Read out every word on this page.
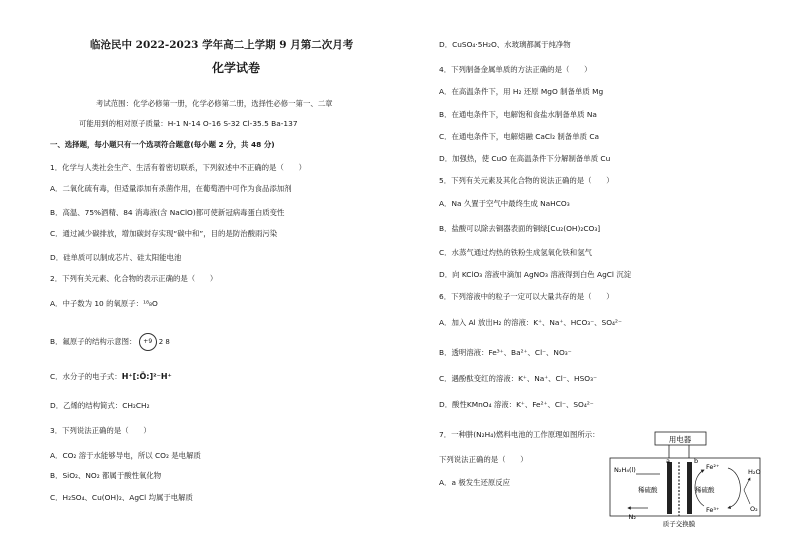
临沧民中 2022-2023 学年高二上学期 9 月第二次月考
化学试卷
考试范围：化学必修第一册，化学必修第二册，选择性必修一第一、二章
可能用到的相对原子质量：H-1 N-14 O-16 S-32 Cl-35.5 Ba-137
一、选择题，每小题只有一个选项符合题意(每小题 2 分，共 48 分)
1．化学与人类社会生产、生活有着密切联系，下列叙述中不正确的是（　　）
A．二氧化硫有毒，但适量添加有杀菌作用，在葡萄酒中可作为食品添加剂
B．高温、75%酒精、84 消毒液(含 NaClO)都可使新冠病毒蛋白质变性
C．通过减少碳排放，增加碳封存实现“碳中和”，目的是防治酸雨污染
D．硅单质可以制成芯片、硅太阳能电池
2．下列有关元素、化合物的表示正确的是（　　）
A．中子数为 10 的氧原子：¹⁸₈O
B．氟原子的结构示意图： +9 2 8
C．水分子的电子式：H⁺[:Ö:]²⁻H⁺
D．乙烯的结构简式：CH₂CH₂
3．下列说法正确的是（　　）
A．CO₂ 溶于水能够导电，所以 CO₂ 是电解质
B．SiO₂、NO₂ 都属于酸性氧化物
C．H₂SO₄、Cu(OH)₂、AgCl 均属于电解质
D．CuSO₄·5H₂O、水玻璃都属于纯净物
4．下列制备金属单质的方法正确的是（　　）
A．在高温条件下，用 H₂ 还原 MgO 制备单质 Mg
B．在通电条件下，电解饱和食盐水制备单质 Na
C．在通电条件下，电解熔融 CaCl₂ 制备单质 Ca
D．加强热，使 CuO 在高温条件下分解制备单质 Cu
5．下列有关元素及其化合物的说法正确的是（　　）
A．Na 久置于空气中最终生成 NaHCO₃
B．盐酸可以除去铜器表面的铜绿[Cu₂(OH)₂CO₃]
C．水蒸气通过灼热的铁粉生成氢氧化铁和氢气
D．向 KClO₃ 溶液中滴加 AgNO₃ 溶液得到白色 AgCl 沉淀
6．下列溶液中的粒子一定可以大量共存的是（　　）
A．加入 Al 放出H₂ 的溶液：K⁺、Na⁺、HCO₃⁻、SO₄²⁻
B．透明溶液：Fe³⁺、Ba²⁺、Cl⁻、NO₃⁻
C．遇酚酞变红的溶液：K⁺、Na⁺、Cl⁻、HSO₃⁻
D．酸性KMnO₄ 溶液：K⁺、Fe²⁺、Cl⁻、SO₄²⁻
7．一种肼(N₂H₄)燃料电池的工作原理如图所示：
下列说法正确的是（　　）
A．a 极发生还原反应
用电器
a	b
N₂H₄(l)
稀硫酸
N₂
稀硫酸
Fe²⁺
Fe³⁺
H₂O
O₂
质子交换膜
